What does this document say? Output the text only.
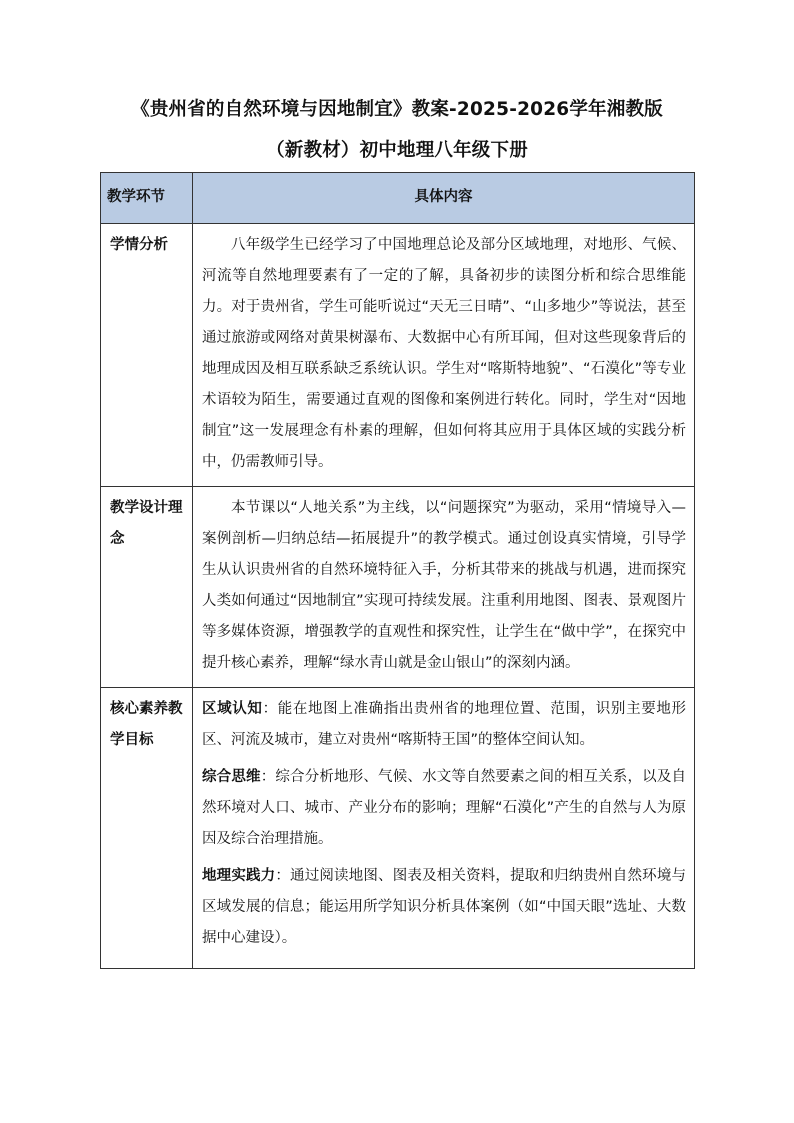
《贵州省的自然环境与因地制宜》教案-2025-2026学年湘教版
（新教材）初中地理八年级下册
教学环节	具体内容
学情分析	八年级学生已经学习了中国地理总论及部分区域地理，对地形、气候、河流等自然地理要素有了一定的了解，具备初步的读图分析和综合思维能力。对于贵州省，学生可能听说过“天无三日晴”、“山多地少”等说法，甚至通过旅游或网络对黄果树瀑布、大数据中心有所耳闻，但对这些现象背后的地理成因及相互联系缺乏系统认识。学生对“喀斯特地貌”、“石漠化”等专业术语较为陌生，需要通过直观的图像和案例进行转化。同时，学生对“因地制宜”这一发展理念有朴素的理解，但如何将其应用于具体区域的实践分析中，仍需教师引导。

教学设计理念	本节课以“人地关系”为主线，以“问题探究”为驱动，采用“情境导入—案例剖析—归纳总结—拓展提升”的教学模式。通过创设真实情境，引导学生从认识贵州省的自然环境特征入手，分析其带来的挑战与机遇，进而探究人类如何通过“因地制宜”实现可持续发展。注重利用地图、图表、景观图片等多媒体资源，增强教学的直观性和探究性，让学生在“做中学”，在探究中提升核心素养，理解“绿水青山就是金山银山”的深刻内涵。

核心素养教学目标	区域认知：能在地图上准确指出贵州省的地理位置、范围，识别主要地形区、河流及城市，建立对贵州“喀斯特王国”的整体空间认知。

综合思维：综合分析地形、气候、水文等自然要素之间的相互关系，以及自然环境对人口、城市、产业分布的影响；理解“石漠化”产生的自然与人为原因及综合治理措施。

地理实践力：通过阅读地图、图表及相关资料，提取和归纳贵州自然环境与区域发展的信息；能运用所学知识分析具体案例（如“中国天眼”选址、大数据中心建设）。
